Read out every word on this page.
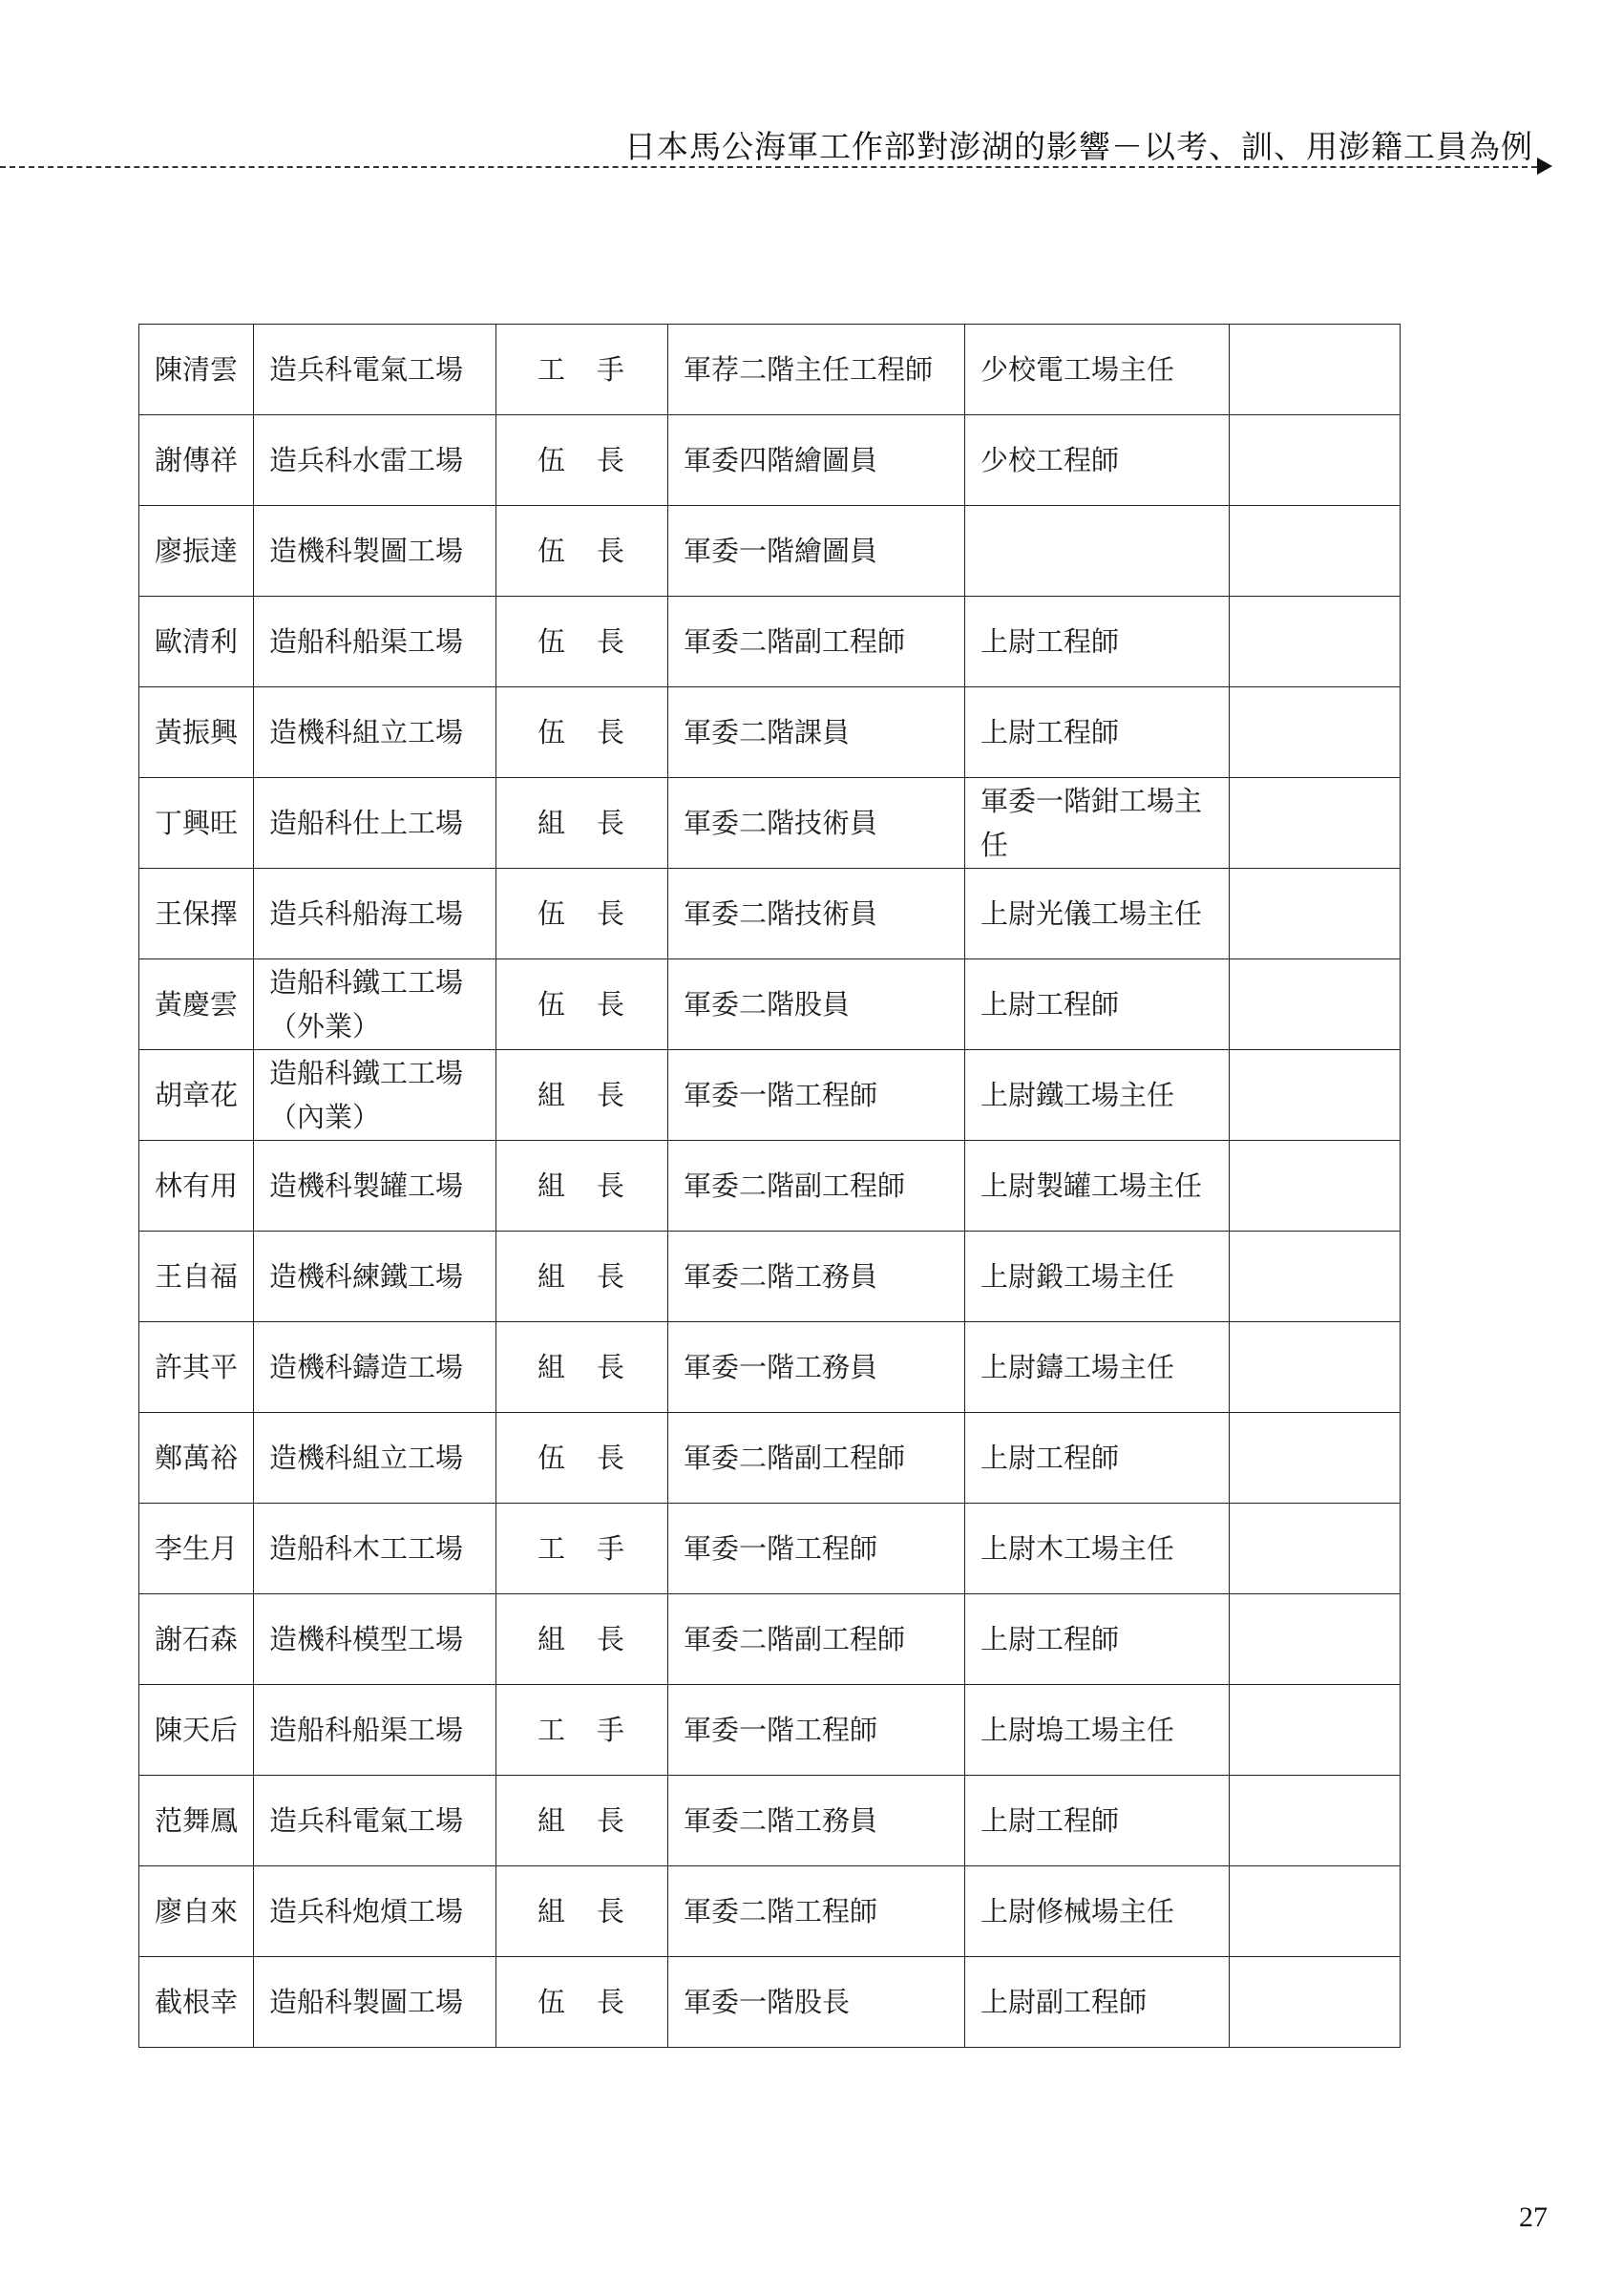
日本馬公海軍工作部對澎湖的影響－以考、訓、用澎籍工員為例
陳清雲	造兵科電氣工場	工　手	軍荐二階主任工程師	少校電工場主任	
謝傳祥	造兵科水雷工場	伍　長	軍委四階繪圖員	少校工程師	
廖振達	造機科製圖工場	伍　長	軍委一階繪圖員		
歐清利	造船科船渠工場	伍　長	軍委二階副工程師	上尉工程師	
黃振興	造機科組立工場	伍　長	軍委二階課員	上尉工程師	
丁興旺	造船科仕上工場	組　長	軍委二階技術員	軍委一階鉗工場主任	
王保擇	造兵科船海工場	伍　長	軍委二階技術員	上尉光儀工場主任	
黃慶雲	造船科鐵工工場（外業）	伍　長	軍委二階股員	上尉工程師	
胡章花	造船科鐵工工場（內業）	組　長	軍委一階工程師	上尉鐵工場主任	
林有用	造機科製罐工場	組　長	軍委二階副工程師	上尉製罐工場主任	
王自福	造機科練鐵工場	組　長	軍委二階工務員	上尉鍛工場主任	
許其平	造機科鑄造工場	組　長	軍委一階工務員	上尉鑄工場主任	
鄭萬裕	造機科組立工場	伍　長	軍委二階副工程師	上尉工程師	
李生月	造船科木工工場	工　手	軍委一階工程師	上尉木工場主任	
謝石森	造機科模型工場	組　長	軍委二階副工程師	上尉工程師	
陳天后	造船科船渠工場	工　手	軍委一階工程師	上尉塢工場主任	
范舞鳳	造兵科電氣工場	組　長	軍委二階工務員	上尉工程師	
廖自來	造兵科炮熕工場	組　長	軍委二階工程師	上尉修械場主任	
截根幸	造船科製圖工場	伍　長	軍委一階股長	上尉副工程師	
27
